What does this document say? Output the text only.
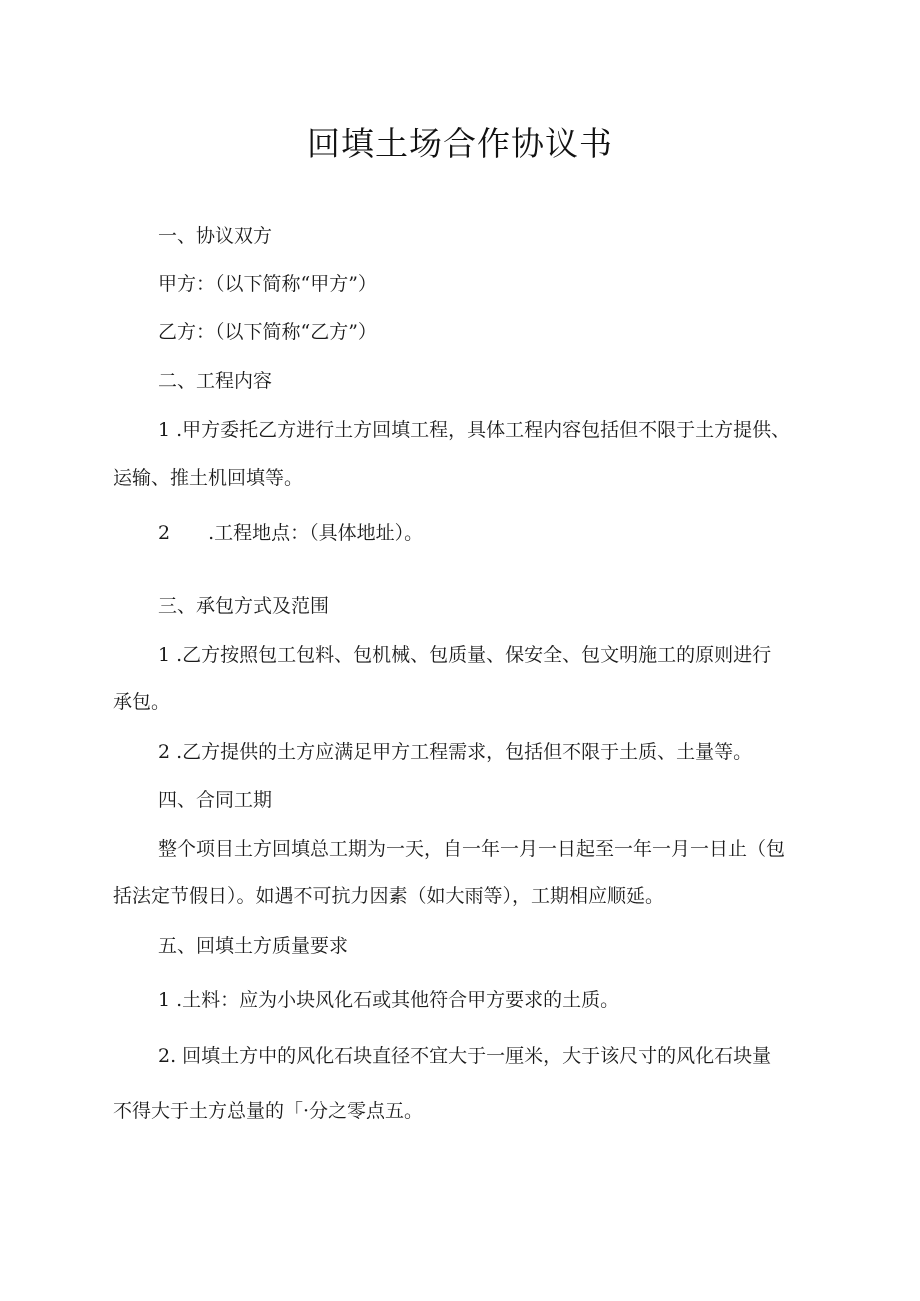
回填土场合作协议书
一、协议双方
甲方：（以下简称“甲方”）
乙方：（以下简称“乙方”）
二、工程内容
1 .甲方委托乙方进行土方回填工程，具体工程内容包括但不限于土方提供、
运输、推土机回填等。
2　　.工程地点：（具体地址）。
三、承包方式及范围
1 .乙方按照包工包料、包机械、包质量、保安全、包文明施工的原则进行
承包。
2 .乙方提供的土方应满足甲方工程需求，包括但不限于土质、土量等。
四、合同工期
整个项目土方回填总工期为一天，自一年一月一日起至一年一月一日止（包
括法定节假日）。如遇不可抗力因素（如大雨等），工期相应顺延。
五、回填土方质量要求
1 .土料：应为小块风化石或其他符合甲方要求的土质。
2. 回填土方中的风化石块直径不宜大于一厘米，大于该尺寸的风化石块量
不得大于土方总量的「·分之零点五。
